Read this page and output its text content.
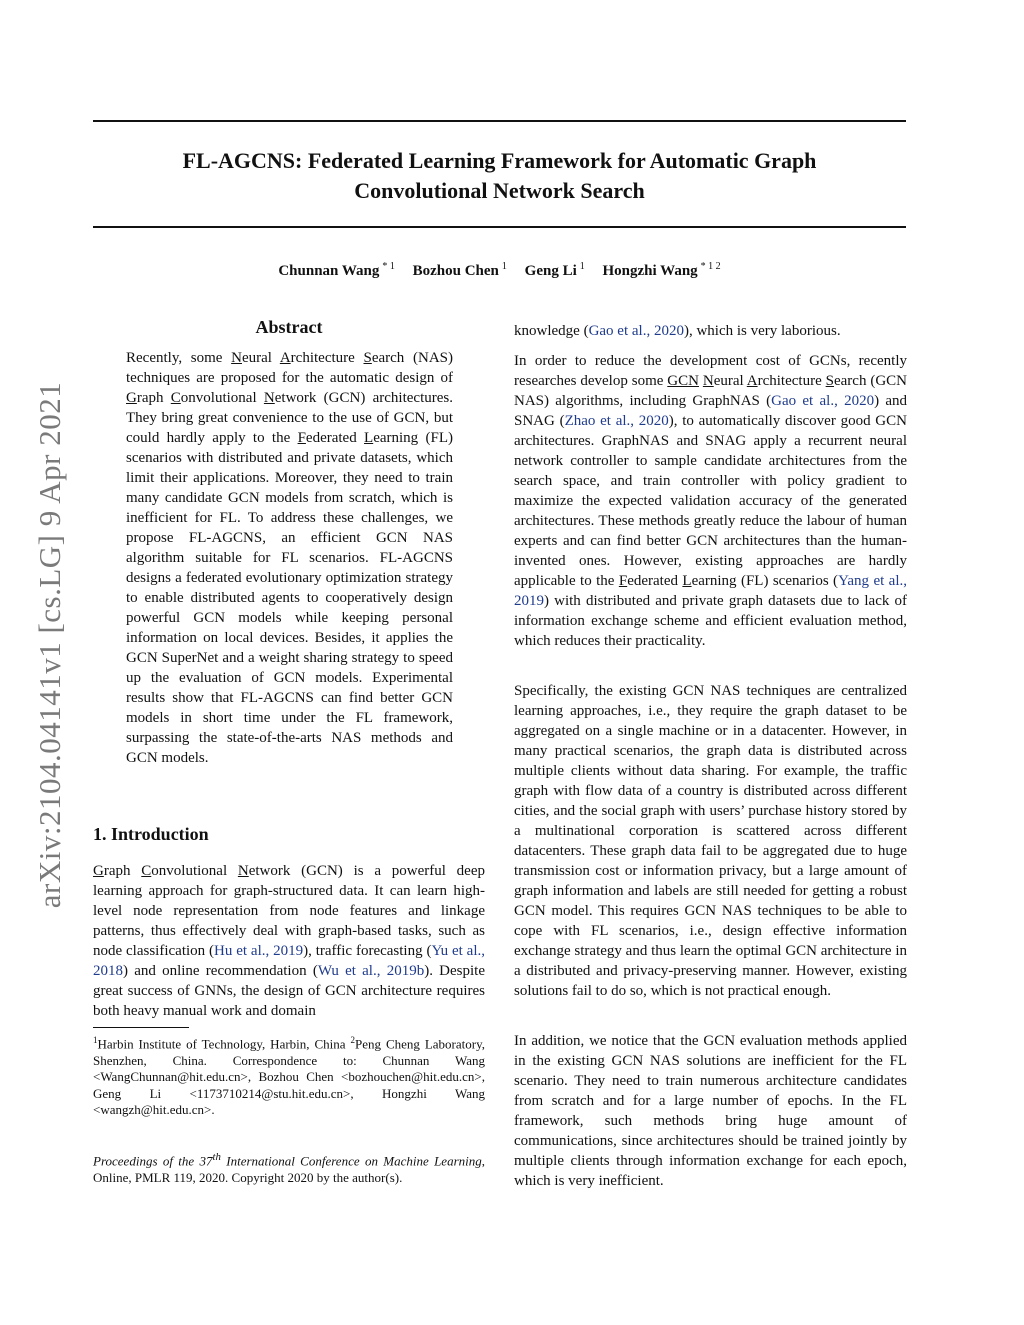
arXiv:2104.04141v1 [cs.LG] 9 Apr 2021
FL-AGCNS: Federated Learning Framework for Automatic Graph
Convolutional Network Search
Chunnan Wang $^{* 1}$ Bozhou Chen $^1$ Geng Li $^1$ Hongzhi Wang $^{* 1 2}$
Abstract

Recently, some Neural Architecture Search (NAS) techniques are proposed for the automatic design of Graph Convolutional Network (GCN) architectures. They bring great convenience to the use of GCN, but could hardly apply to the Federated Learning (FL) scenarios with distributed and private datasets, which limit their applications. Moreover, they need to train many candidate GCN models from scratch, which is inefficient for FL. To address these challenges, we propose FL-AGCNS, an efficient GCN NAS algorithm suitable for FL scenarios. FL-AGCNS designs a federated evolutionary optimization strategy to enable distributed agents to cooperatively design powerful GCN models while keeping personal information on local devices. Besides, it applies the GCN SuperNet and a weight sharing strategy to speed up the evaluation of GCN models. Experimental results show that FL-AGCNS can find better GCN models in short time under the FL framework, surpassing the state-of-the-arts NAS methods and GCN models.

1. Introduction

Graph Convolutional Network (GCN) is a powerful deep learning approach for graph-structured data. It can learn high-level node representation from node features and linkage patterns, thus effectively deal with graph-based tasks, such as node classification (Hu et al., 2019), traffic forecasting (Yu et al., 2018) and online recommendation (Wu et al., 2019b). Despite great success of GNNs, the design of GCN architecture requires both heavy manual work and domain

$^1$Harbin Institute of Technology, Harbin, China $^2$Peng Cheng Laboratory, Shenzhen, China. Correspondence to: Chunnan Wang <WangChunnan@hit.edu.cn>, Bozhou Chen <bozhouchen@hit.edu.cn>, Geng Li <1173710214@stu.hit.edu.cn>, Hongzhi Wang <wangzh@hit.edu.cn>.

Proceedings of the 37th International Conference on Machine Learning, Online, PMLR 119, 2020. Copyright 2020 by the author(s).

knowledge (Gao et al., 2020), which is very laborious.

In order to reduce the development cost of GCNs, recently researches develop some GCN Neural Architecture Search (GCN NAS) algorithms, including GraphNAS (Gao et al., 2020) and SNAG (Zhao et al., 2020), to automatically discover good GCN architectures. GraphNAS and SNAG apply a recurrent neural network controller to sample candidate architectures from the search space, and train controller with policy gradient to maximize the expected validation accuracy of the generated architectures. These methods greatly reduce the labour of human experts and can find better GCN architectures than the human-invented ones. However, existing approaches are hardly applicable to the Federated Learning (FL) scenarios (Yang et al., 2019) with distributed and private graph datasets due to lack of information exchange scheme and efficient evaluation method, which reduces their practicality.

Specifically, the existing GCN NAS techniques are centralized learning approaches, i.e., they require the graph dataset to be aggregated on a single machine or in a datacenter. However, in many practical scenarios, the graph data is distributed across multiple clients without data sharing. For example, the traffic graph with flow data of a country is distributed across different cities, and the social graph with users’ purchase history stored by a multinational corporation is scattered across different datacenters. These graph data fail to be aggregated due to huge transmission cost or information privacy, but a large amount of graph information and labels are still needed for getting a robust GCN model. This requires GCN NAS techniques to be able to cope with FL scenarios, i.e., design effective information exchange strategy and thus learn the optimal GCN architecture in a distributed and privacy-preserving manner. However, existing solutions fail to do so, which is not practical enough.

In addition, we notice that the GCN evaluation methods applied in the existing GCN NAS solutions are inefficient for the FL scenario. They need to train numerous architecture candidates from scratch and for a large number of epochs. In the FL framework, such methods bring huge amount of communications, since architectures should be trained jointly by multiple clients through information exchange for each epoch, which is very inefficient.
